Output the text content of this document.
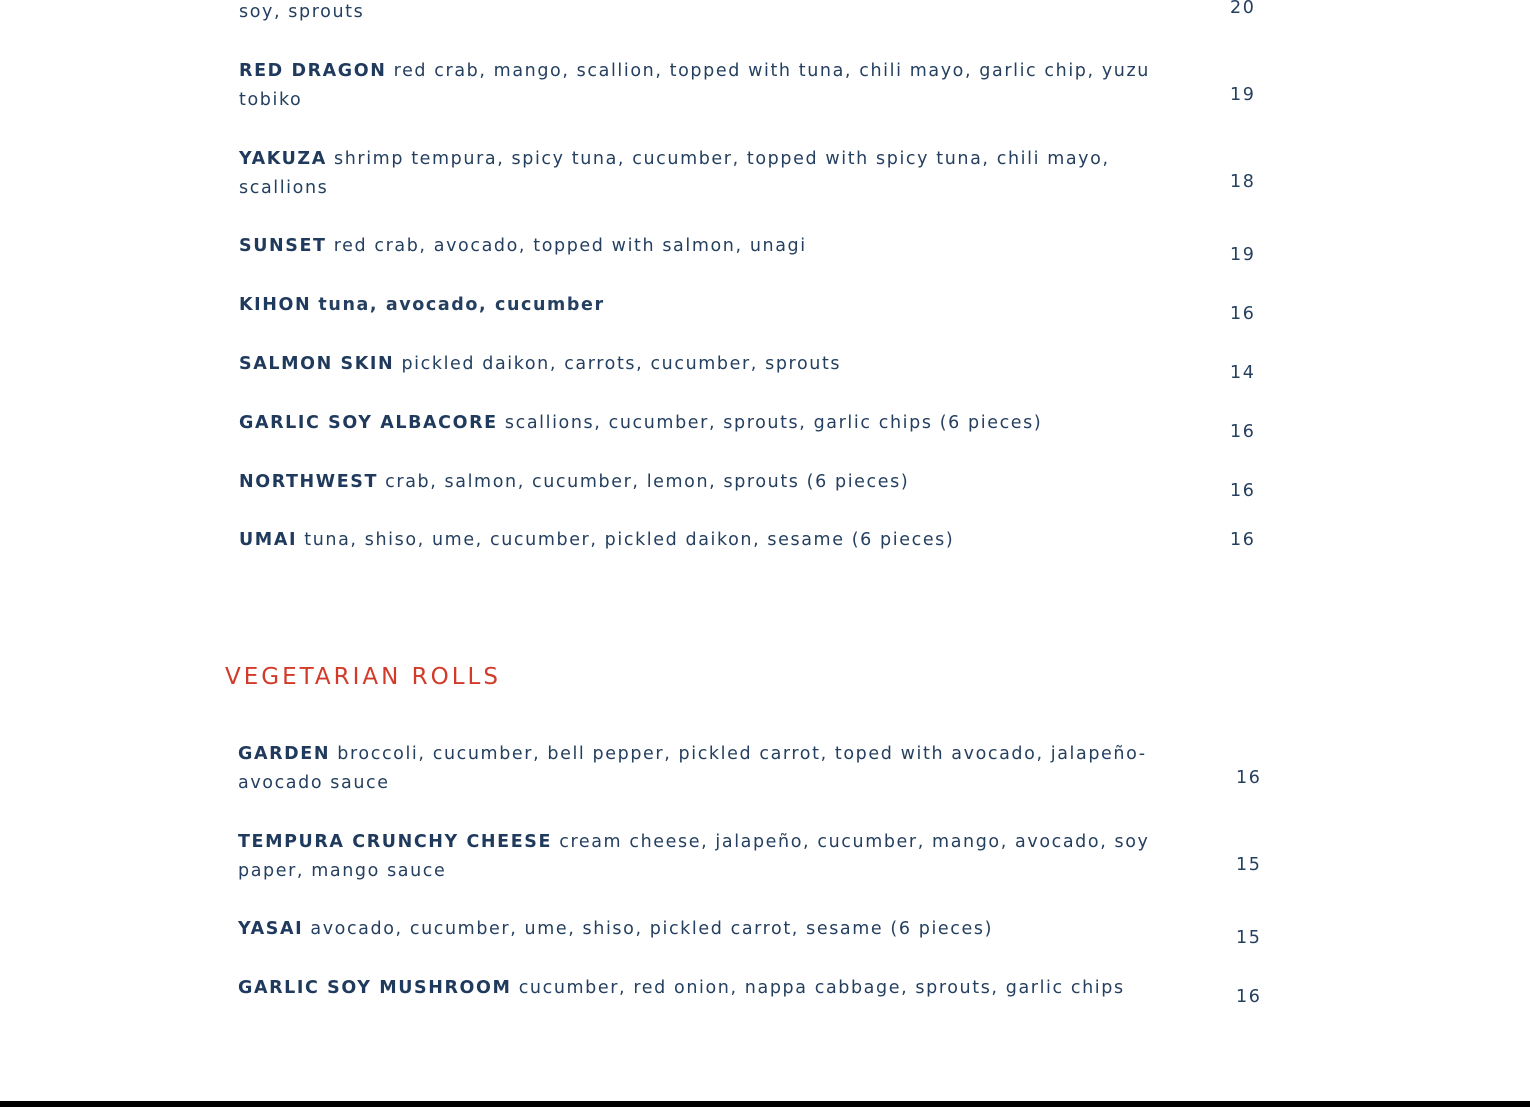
soy, sprouts	20
RED DRAGON red crab, mango, scallion, topped with tuna, chili mayo, garlic chip, yuzu tobiko	19
YAKUZA shrimp tempura, spicy tuna, cucumber, topped with spicy tuna, chili mayo, scallions	18
SUNSET red crab, avocado, topped with salmon, unagi	19
KIHON tuna, avocado, cucumber	16
SALMON SKIN pickled daikon, carrots, cucumber, sprouts	14
GARLIC SOY ALBACORE scallions, cucumber, sprouts, garlic chips (6 pieces)	16
NORTHWEST crab, salmon, cucumber, lemon, sprouts (6 pieces)	16
UMAI tuna, shiso, ume, cucumber, pickled daikon, sesame (6 pieces)	16
VEGETARIAN ROLLS
GARDEN broccoli, cucumber, bell pepper, pickled carrot, toped with avocado, jalapeño-avocado sauce	16
TEMPURA CRUNCHY CHEESE cream cheese, jalapeño, cucumber, mango, avocado, soy paper, mango sauce	15
YASAI avocado, cucumber, ume, shiso, pickled carrot, sesame (6 pieces)	15
GARLIC SOY MUSHROOM cucumber, red onion, nappa cabbage, sprouts, garlic chips	16
